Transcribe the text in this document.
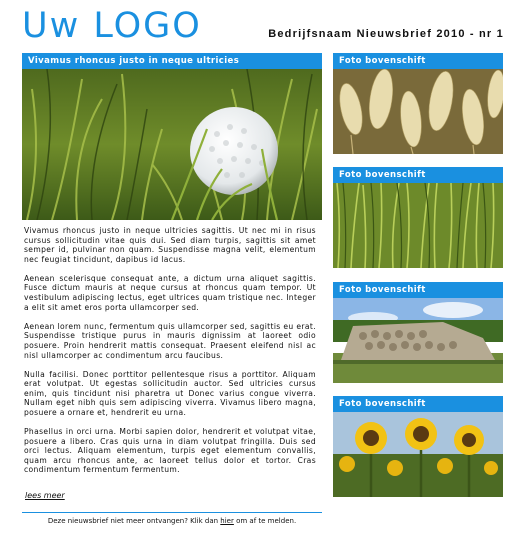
Uw LOGO	Bedrijfsnaam Nieuwsbrief 2010 - nr 1
Vivamus rhoncus justo in neque ultricies

Vivamus rhoncus justo in neque ultricies sagittis. Ut nec mi in risus cursus sollicitudin vitae quis dui. Sed diam turpis, sagittis sit amet semper id, pulvinar non quam. Suspendisse magna velit, elementum nec feugiat tincidunt, dapibus id lacus.

Aenean scelerisque consequat ante, a dictum urna aliquet sagittis. Fusce dictum mauris at neque cursus at rhoncus quam tempor. Ut vestibulum adipiscing lectus, eget ultrices quam tristique nec. Integer a elit sit amet eros porta ullamcorper sed.

Aenean lorem nunc, fermentum quis ullamcorper sed, sagittis eu erat. Suspendisse tristique purus in mauris dignissim at laoreet odio posuere. Proin hendrerit mattis consequat. Praesent eleifend nisl ac nisl ullamcorper ac condimentum arcu faucibus.

Nulla facilisi. Donec porttitor pellentesque risus a porttitor. Aliquam erat volutpat. Ut egestas sollicitudin auctor. Sed ultricies cursus enim, quis tincidunt nisi pharetra ut Donec varius congue viverra. Nullam eget nibh quis sem adipiscing viverra. Vivamus libero magna, posuere a ornare et, hendrerit eu urna.

Phasellus in orci urna. Morbi sapien dolor, hendrerit et volutpat vitae, posuere a libero. Cras quis urna in diam volutpat fringilla. Duis sed orci lectus. Aliquam elementum, turpis eget elementum convallis, quam arcu rhoncus ante, ac laoreet tellus dolor et tortor. Cras condimentum fermentum fermentum.

lees meer
Deze nieuwsbrief niet meer ontvangen? Klik dan hier om af te melden.
Foto bovenschift
Foto bovenschift
Foto bovenschift
Foto bovenschift
